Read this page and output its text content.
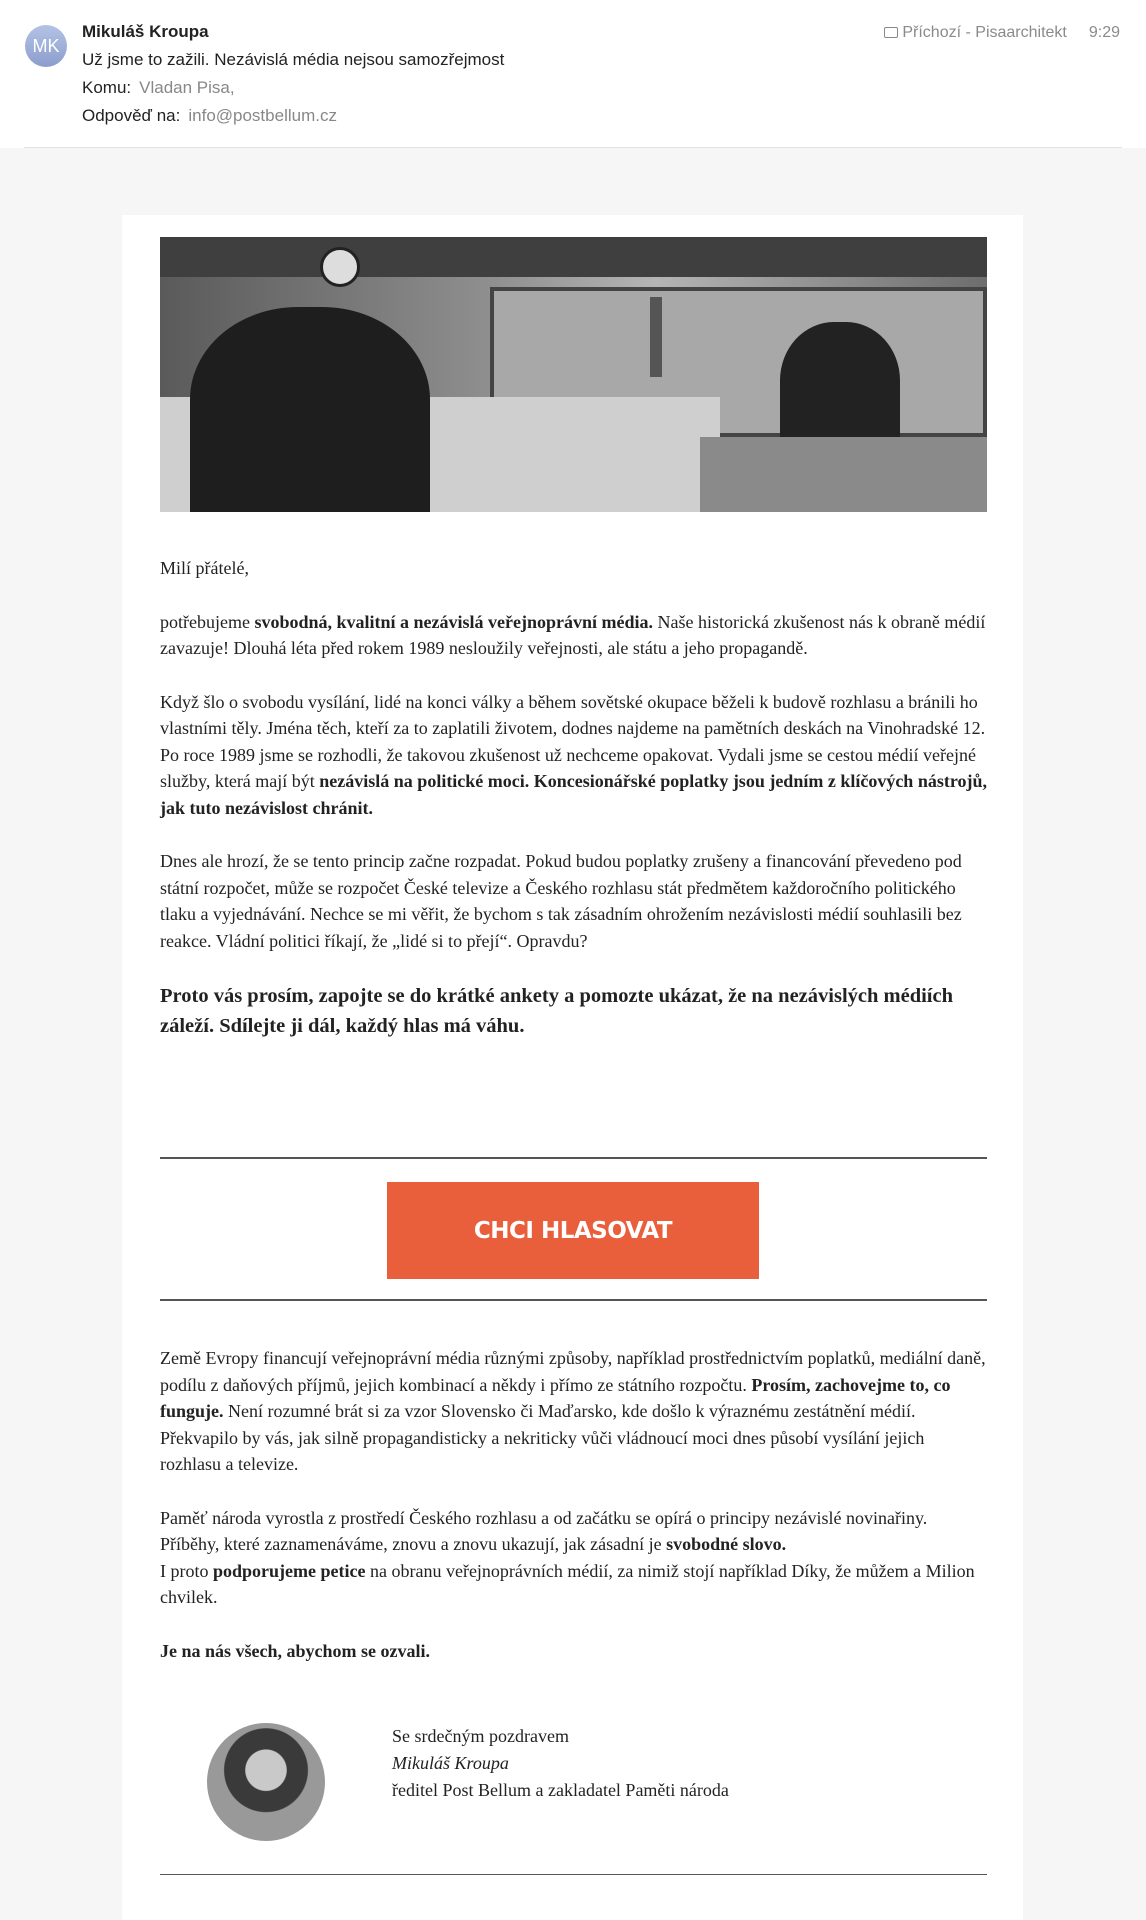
MK
Mikuláš Kroupa
Už jsme to zažili. Nezávislá média nejsou samozřejmost
Komu: Vladan Pisa,
Odpověď na: info@postbellum.cz
Příchozí - Pisaarchitekt 9:29

Milí přátelé,

potřebujeme svobodná, kvalitní a nezávislá veřejnoprávní média. Naše historická zkušenost nás k obraně médií zavazuje! Dlouhá léta před rokem 1989 nesloužily veřejnosti, ale státu a jeho propagandě.

Když šlo o svobodu vysílání, lidé na konci války a během sovětské okupace běželi k budově rozhlasu a bránili ho vlastními těly. Jména těch, kteří za to zaplatili životem, dodnes najdeme na pamětních deskách na Vinohradské 12. Po roce 1989 jsme se rozhodli, že takovou zkušenost už nechceme opakovat. Vydali jsme se cestou médií veřejné služby, která mají být nezávislá na politické moci. Koncesionářské poplatky jsou jedním z klíčových nástrojů, jak tuto nezávislost chránit.

Dnes ale hrozí, že se tento princip začne rozpadat. Pokud budou poplatky zrušeny a financování převedeno pod státní rozpočet, může se rozpočet České televize a Českého rozhlasu stát předmětem každoročního politického tlaku a vyjednávání. Nechce se mi věřit, že bychom s tak zásadním ohrožením nezávislosti médií souhlasili bez reakce. Vládní politici říkají, že „lidé si to přejí“. Opravdu?

Proto vás prosím, zapojte se do krátké ankety a pomozte ukázat, že na nezávislých médiích záleží. Sdílejte ji dál, každý hlas má váhu.

CHCI HLASOVAT

Země Evropy financují veřejnoprávní média různými způsoby, například prostřednictvím poplatků, mediální daně, podílu z daňových příjmů, jejich kombinací a někdy i přímo ze státního rozpočtu. Prosím, zachovejme to, co funguje. Není rozumné brát si za vzor Slovensko či Maďarsko, kde došlo k výraznému zestátnění médií. Překvapilo by vás, jak silně propagandisticky a nekriticky vůči vládnoucí moci dnes působí vysílání jejich rozhlasu a televize.

Paměť národa vyrostla z prostředí Českého rozhlasu a od začátku se opírá o principy nezávislé novinařiny. Příběhy, které zaznamenáváme, znovu a znovu ukazují, jak zásadní je svobodné slovo.
I proto podporujeme petice na obranu veřejnoprávních médií, za nimiž stojí například Díky, že můžem a Milion chvilek.

Je na nás všech, abychom se ozvali.

Se srdečným pozdravem
Mikuláš Kroupa
ředitel Post Bellum a zakladatel Paměti národa
